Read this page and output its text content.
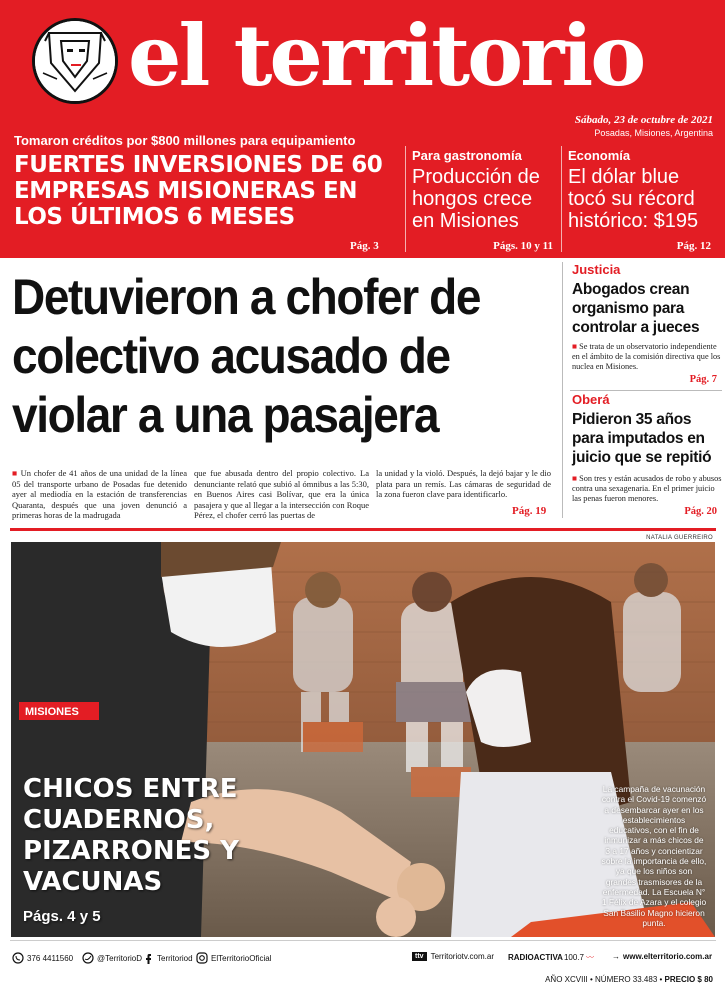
el territorio
Sábado, 23 de octubre de 2021
Posadas, Misiones, Argentina
Tomaron créditos por $800 millones para equipamiento
FUERTES INVERSIONES DE 60 EMPRESAS MISIONERAS EN LOS ÚLTIMOS 6 MESES
Pág. 3
Para gastronomía
Producción de hongos crece en Misiones
Págs. 10 y 11
Economía
El dólar blue tocó su récord histórico: $195
Pág. 12
Detuvieron a chofer de colectivo acusado de violar a una pasajera
■ Un chofer de 41 años de una unidad de la línea 05 del transporte urbano de Posadas fue detenido ayer al mediodía en la estación de transferencias Quaranta, después que una joven denunció a primeras horas de la madrugada
que fue abusada dentro del propio colectivo. La denunciante relató que subió al ómnibus a las 5:30, en Buenos Aires casi Bolívar, que era la única pasajera y que al llegar a la intersección con Roque Pérez, el chofer cerró las puertas de
la unidad y la violó. Después, la dejó bajar y le dio plata para un remís. Las cámaras de seguridad de la zona fueron clave para identificarlo.
Pág. 19
Justicia
Abogados crean organismo para controlar a jueces
■ Se trata de un observatorio independiente en el ámbito de la comisión directiva que los nuclea en Misiones.
Pág. 7
Oberá
Pidieron 35 años para imputados en juicio que se repitió
■ Son tres y están acusados de robo y abusos contra una sexagenaria. En el primer juicio las penas fueron menores.
Pág. 20
NATALIA GUERREIRO
MISIONES
CHICOS ENTRE CUADERNOS, PIZARRONES Y VACUNAS
Págs. 4 y 5
La campaña de vacunación contra el Covid-19 comenzó a desembarcar ayer en los establecimientos educativos, con el fin de inmunizar a más chicos de 3 a 17 años y concientizar sobre la importancia de ello, ya que los niños son grandes trasmisores de la enfermedad. La Escuela N° 1 Félix de Azara y el colegio San Basilio Magno hicieron punta.
376 4411560	@TerritorioD Territoriod ElTerritorioOficial	ttv Territoriotv.com.ar RADIOACTIVA 100.7 〰 → www.elterritorio.com.ar
AÑO XCVIII • NÚMERO 33.483 • PRECIO $ 80
